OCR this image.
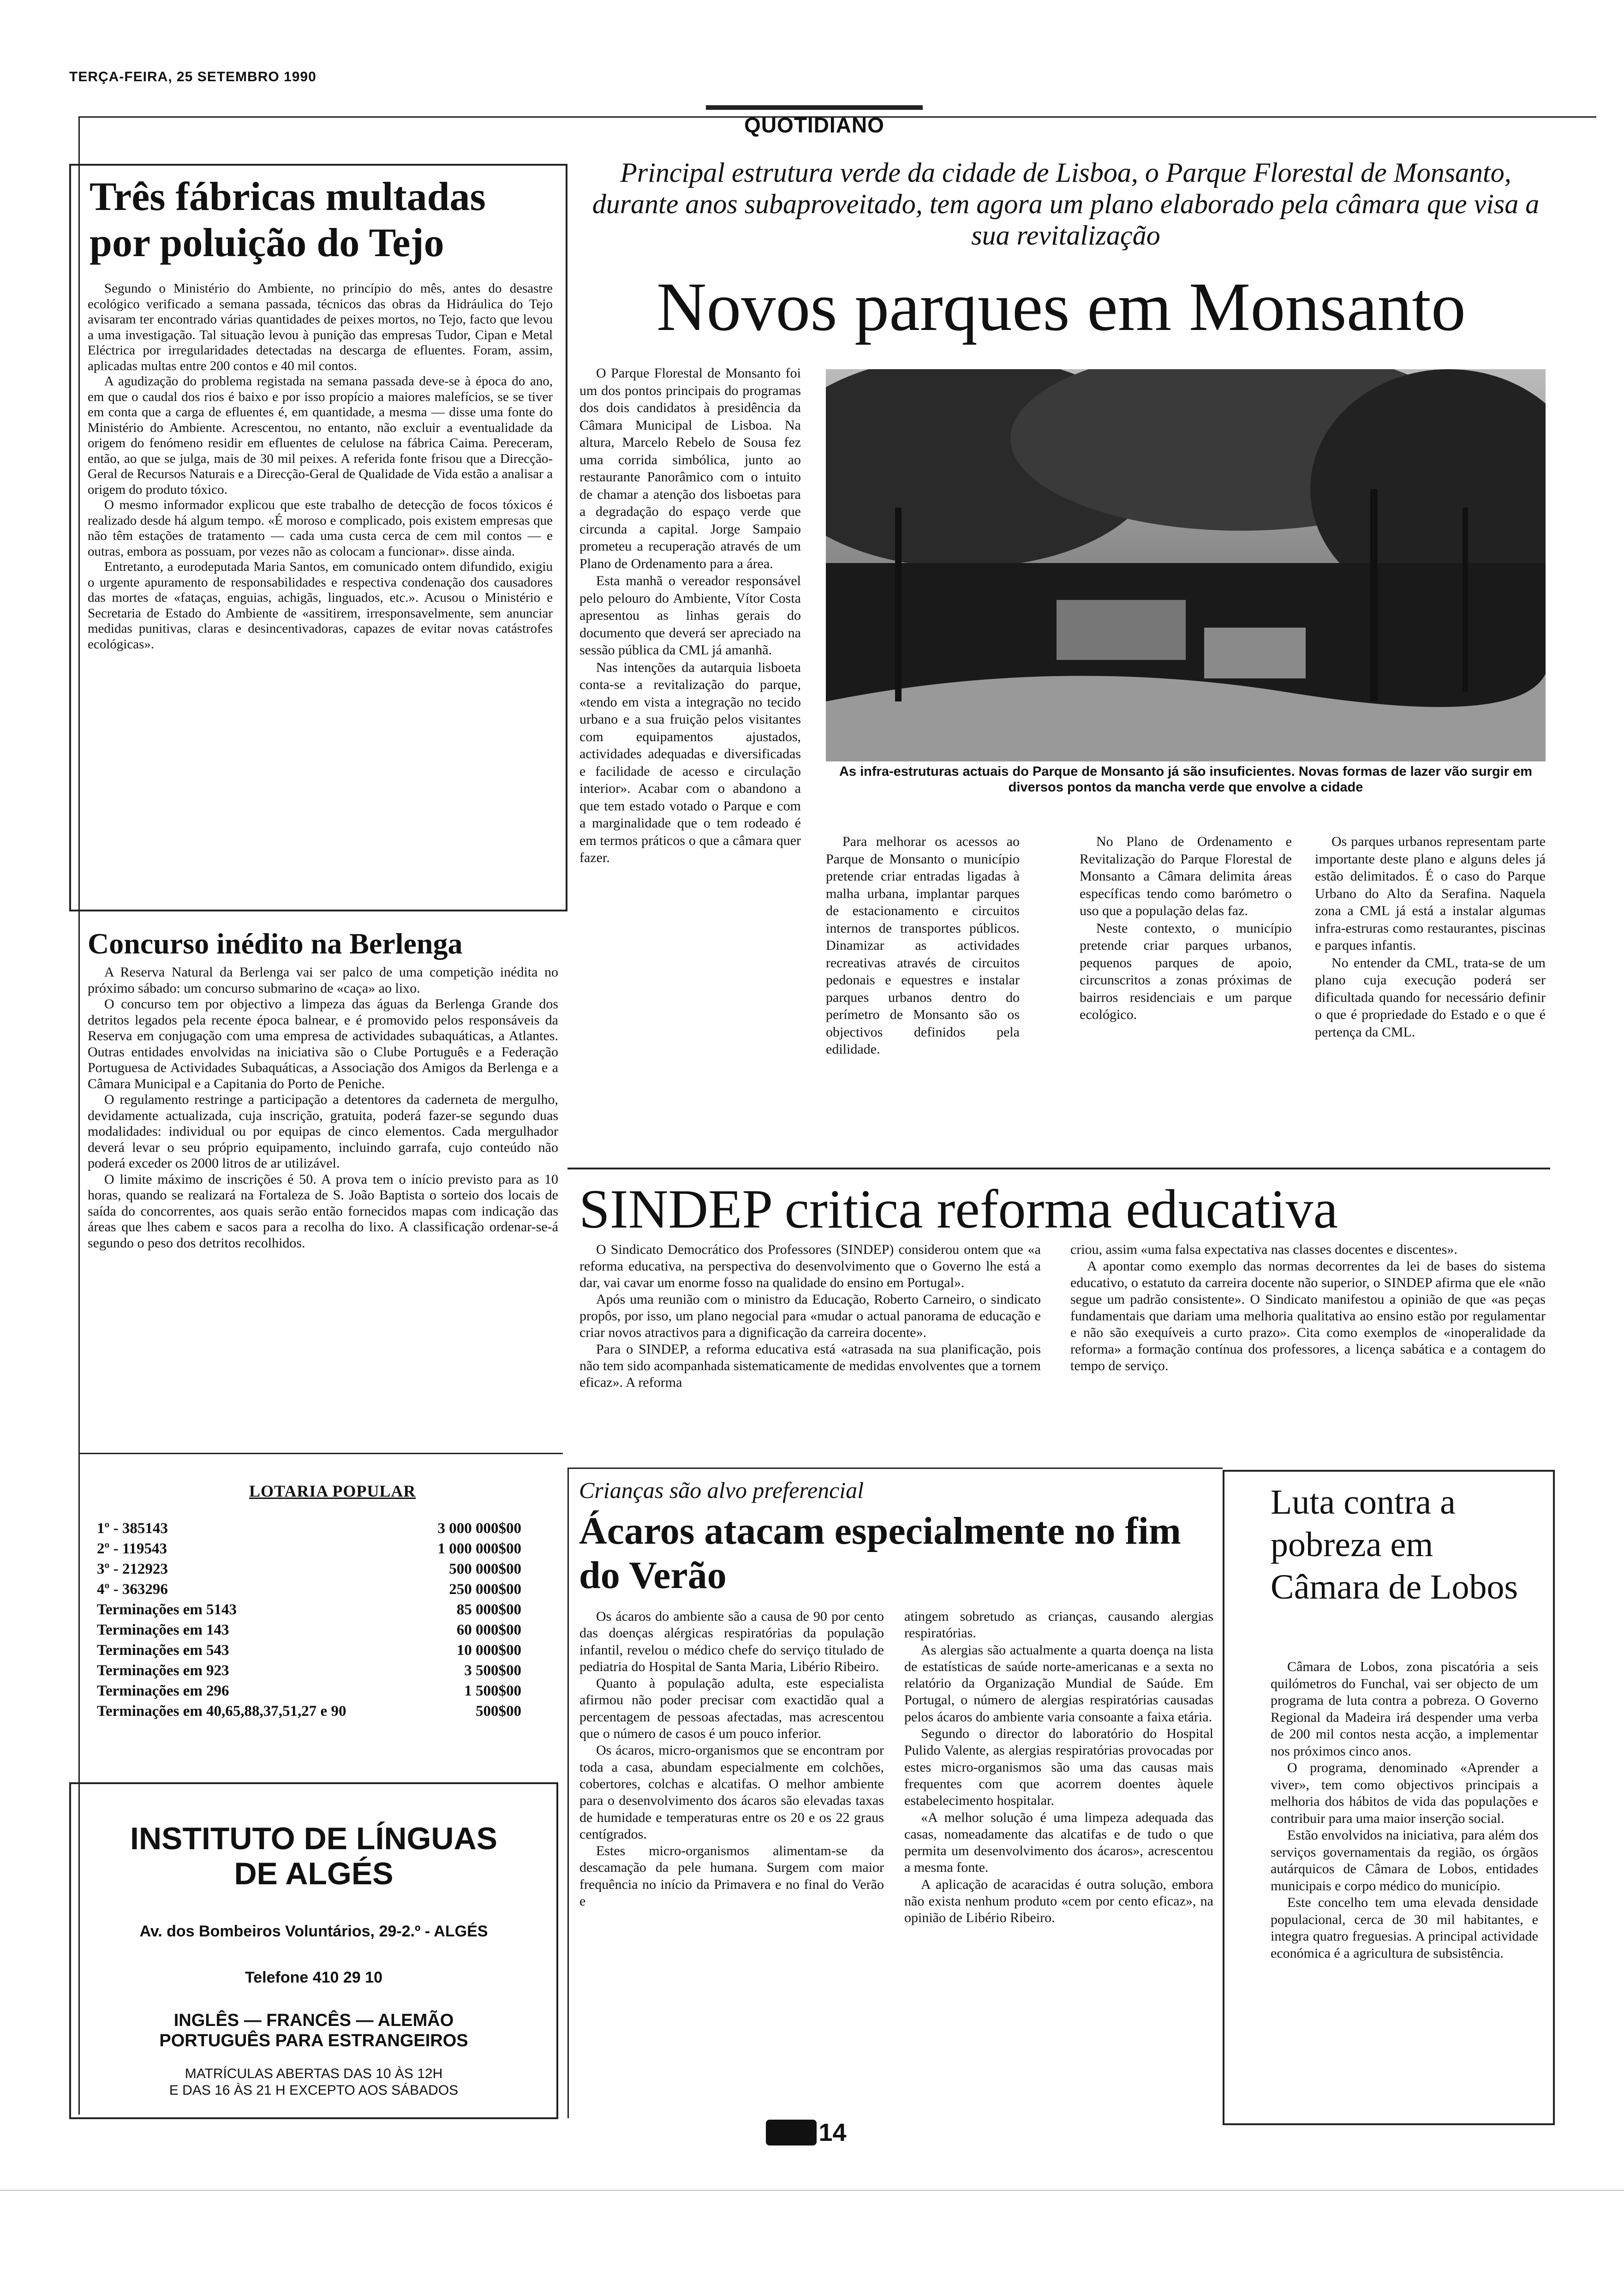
TERÇA-FEIRA, 25 SETEMBRO 1990
QUOTIDIANO
Três fábricas multadas por poluição do Tejo

Segundo o Ministério do Ambiente, no princípio do mês, antes do desastre ecológico verificado a semana passada, técnicos das obras da Hidráulica do Tejo avisaram ter encontrado várias quantidades de peixes mortos, no Tejo, facto que levou a uma investigação. Tal situação levou à punição das empresas Tudor, Cipan e Metal Eléctrica por irregularidades detectadas na descarga de efluentes. Foram, assim, aplicadas multas entre 200 contos e 40 mil contos.

A agudização do problema registada na semana passada deve-se à época do ano, em que o caudal dos rios é baixo e por isso propício a maiores malefícios, se se tiver em conta que a carga de efluentes é, em quantidade, a mesma — disse uma fonte do Ministério do Ambiente. Acrescentou, no entanto, não excluir a eventualidade da origem do fenómeno residir em efluentes de celulose na fábrica Caima. Pereceram, então, ao que se julga, mais de 30 mil peixes. A referida fonte frisou que a Direcção-Geral de Recursos Naturais e a Direcção-Geral de Qualidade de Vida estão a analisar a origem do produto tóxico.

O mesmo informador explicou que este trabalho de detecção de focos tóxicos é realizado desde há algum tempo. «É moroso e complicado, pois existem empresas que não têm estações de tratamento — cada uma custa cerca de cem mil contos — e outras, embora as possuam, por vezes não as colocam a funcionar». disse ainda.

Entretanto, a eurodeputada Maria Santos, em comunicado ontem difundido, exigiu o urgente apuramento de responsabilidades e respectiva condenação dos causadores das mortes de «fataças, enguias, achigãs, linguados, etc.». Acusou o Ministério e Secretaria de Estado do Ambiente de «assitirem, irresponsavelmente, sem anunciar medidas punitivas, claras e desincentivadoras, capazes de evitar novas catástrofes ecológicas».

Concurso inédito na Berlenga

A Reserva Natural da Berlenga vai ser palco de uma competição inédita no próximo sábado: um concurso submarino de «caça» ao lixo.

O concurso tem por objectivo a limpeza das águas da Berlenga Grande dos detritos legados pela recente época balnear, e é promovido pelos responsáveis da Reserva em conjugação com uma empresa de actividades subaquáticas, a Atlantes. Outras entidades envolvidas na iniciativa são o Clube Português e a Federação Portuguesa de Actividades Subaquáticas, a Associação dos Amigos da Berlenga e a Câmara Municipal e a Capitania do Porto de Peniche.

O regulamento restringe a participação a detentores da caderneta de mergulho, devidamente actualizada, cuja inscrição, gratuita, poderá fazer-se segundo duas modalidades: individual ou por equipas de cinco elementos. Cada mergulhador deverá levar o seu próprio equipamento, incluindo garrafa, cujo conteúdo não poderá exceder os 2000 litros de ar utilizável.

O limite máximo de inscrições é 50. A prova tem o início previsto para as 10 horas, quando se realizará na Fortaleza de S. João Baptista o sorteio dos locais de saída do concorrentes, aos quais serão então fornecidos mapas com indicação das áreas que lhes cabem e sacos para a recolha do lixo. A classificação ordenar-se-á segundo o peso dos detritos recolhidos.

LOTARIA POPULAR
1º - 385143	3 000 000$00
2º - 119543	1 000 000$00
3º - 212923	500 000$00
4º - 363296	250 000$00
Terminações em 5143	85 000$00
Terminações em 143	60 000$00
Terminações em 543	10 000$00
Terminações em 923	3 500$00
Terminações em 296	1 500$00
Terminações em 40,65,88,37,51,27 e 90	500$00
INSTITUTO DE LÍNGUAS
DE ALGÉS
Av. dos Bombeiros Voluntários, 29-2.º - ALGÉS
Telefone 410 29 10
INGLÊS — FRANCÊS — ALEMÃO
PORTUGUÊS PARA ESTRANGEIROS
MATRÍCULAS ABERTAS DAS 10 ÀS 12H
E DAS 16 ÀS 21 H EXCEPTO AOS SÁBADOS
Principal estrutura verde da cidade de Lisboa, o Parque Florestal de Monsanto, durante anos subaproveitado, tem agora um plano elaborado pela câmara que visa a sua revitalização
Novos parques em Monsanto

O Parque Florestal de Monsanto foi um dos pontos principais do programas dos dois candidatos à presidência da Câmara Municipal de Lisboa. Na altura, Marcelo Rebelo de Sousa fez uma corrida simbólica, junto ao restaurante Panorâmico com o intuito de chamar a atenção dos lisboetas para a degradação do espaço verde que circunda a capital. Jorge Sampaio prometeu a recuperação através de um Plano de Ordenamento para a área.

Esta manhã o vereador responsável pelo pelouro do Ambiente, Vítor Costa apresentou as linhas gerais do documento que deverá ser apreciado na sessão pública da CML já amanhã.

Nas intenções da autarquia lisboeta conta-se a revitalização do parque, «tendo em vista a integração no tecido urbano e a sua fruição pelos visitantes com equipamentos ajustados, actividades adequadas e diversificadas e facilidade de acesso e circulação interior». Acabar com o abandono a que tem estado votado o Parque e com a marginalidade que o tem rodeado é em termos práticos o que a câmara quer fazer.

As infra-estruturas actuais do Parque de Monsanto já são insuficientes. Novas formas de lazer vão surgir em diversos pontos da mancha verde que envolve a cidade

Para melhorar os acessos ao Parque de Monsanto o município pretende criar entradas ligadas à malha urbana, implantar parques de estacionamento e circuitos internos de transportes públicos. Dinamizar as actividades recreativas através de circuitos pedonais e equestres e instalar parques urbanos dentro do perímetro de Monsanto são os objectivos definidos pela edilidade.

No Plano de Ordenamento e Revitalização do Parque Florestal de Monsanto a Câmara delimita áreas específicas tendo como barómetro o uso que a população delas faz.

Neste contexto, o município pretende criar parques urbanos, pequenos parques de apoio, circunscritos a zonas próximas de bairros residenciais e um parque ecológico.

Os parques urbanos representam parte importante deste plano e alguns deles já estão delimitados. É o caso do Parque Urbano do Alto da Serafina. Naquela zona a CML já está a instalar algumas infra-estruras como restaurantes, piscinas e parques infantis.

No entender da CML, trata-se de um plano cuja execução poderá ser dificultada quando for necessário definir o que é propriedade do Estado e o que é pertença da CML.

SINDEP critica reforma educativa

O Sindicato Democrático dos Professores (SINDEP) considerou ontem que «a reforma educativa, na perspectiva do desenvolvimento que o Governo lhe está a dar, vai cavar um enorme fosso na qualidade do ensino em Portugal».

Após uma reunião com o ministro da Educação, Roberto Carneiro, o sindicato propôs, por isso, um plano negocial para «mudar o actual panorama de educação e criar novos atractivos para a dignificação da carreira docente».

Para o SINDEP, a reforma educativa está «atrasada na sua planificação, pois não tem sido acompanhada sistematicamente de medidas envolventes que a tornem eficaz». A reforma

criou, assim «uma falsa expectativa nas classes docentes e discentes».

A apontar como exemplo das normas decorrentes da lei de bases do sistema educativo, o estatuto da carreira docente não superior, o SINDEP afirma que ele «não segue um padrão consistente». O Sindicato manifestou a opinião de que «as peças fundamentais que dariam uma melhoria qualitativa ao ensino estão por regulamentar e não são exequíveis a curto prazo». Cita como exemplos de «inoperalidade da reforma» a formação contínua dos professores, a licença sabática e a contagem do tempo de serviço.

Crianças são alvo preferencial
Ácaros atacam especialmente no fim do Verão

Os ácaros do ambiente são a causa de 90 por cento das doenças alérgicas respiratórias da população infantil, revelou o médico chefe do serviço titulado de pediatria do Hospital de Santa Maria, Libério Ribeiro.

Quanto à população adulta, este especialista afirmou não poder precisar com exactidão qual a percentagem de pessoas afectadas, mas acrescentou que o número de casos é um pouco inferior.

Os ácaros, micro-organismos que se encontram por toda a casa, abundam especialmente em colchões, cobertores, colchas e alcatifas. O melhor ambiente para o desenvolvimento dos ácaros são elevadas taxas de humidade e temperaturas entre os 20 e os 22 graus centígrados.

Estes micro-organismos alimentam-se da descamação da pele humana. Surgem com maior frequência no início da Primavera e no final do Verão e

atingem sobretudo as crianças, causando alergias respiratórias.

As alergias são actualmente a quarta doença na lista de estatísticas de saúde norte-americanas e a sexta no relatório da Organização Mundial de Saúde. Em Portugal, o número de alergias respiratórias causadas pelos ácaros do ambiente varia consoante a faixa etária.

Segundo o director do laboratório do Hospital Pulido Valente, as alergias respiratórias provocadas por estes micro-organismos são uma das causas mais frequentes com que acorrem doentes àquele estabelecimento hospitalar.

«A melhor solução é uma limpeza adequada das casas, nomeadamente das alcatifas e de tudo o que permita um desenvolvimento dos ácaros», acrescentou a mesma fonte.

A aplicação de acaracidas é outra solução, embora não exista nenhum produto «cem por cento eficaz», na opinião de Libério Ribeiro.

Luta contra a pobreza em Câmara de Lobos

Câmara de Lobos, zona piscatória a seis quilómetros do Funchal, vai ser objecto de um programa de luta contra a pobreza. O Governo Regional da Madeira irá despender uma verba de 200 mil contos nesta acção, a implementar nos próximos cinco anos.

O programa, denominado «Aprender a viver», tem como objectivos principais a melhoria dos hábitos de vida das populações e contribuir para uma maior inserção social.

Estão envolvidos na iniciativa, para além dos serviços governamentais da região, os órgãos autárquicos de Câmara de Lobos, entidades municipais e corpo médico do município.

Este concelho tem uma elevada densidade populacional, cerca de 30 mil habitantes, e integra quatro freguesias. A principal actividade económica é a agricultura de subsistência.

14
